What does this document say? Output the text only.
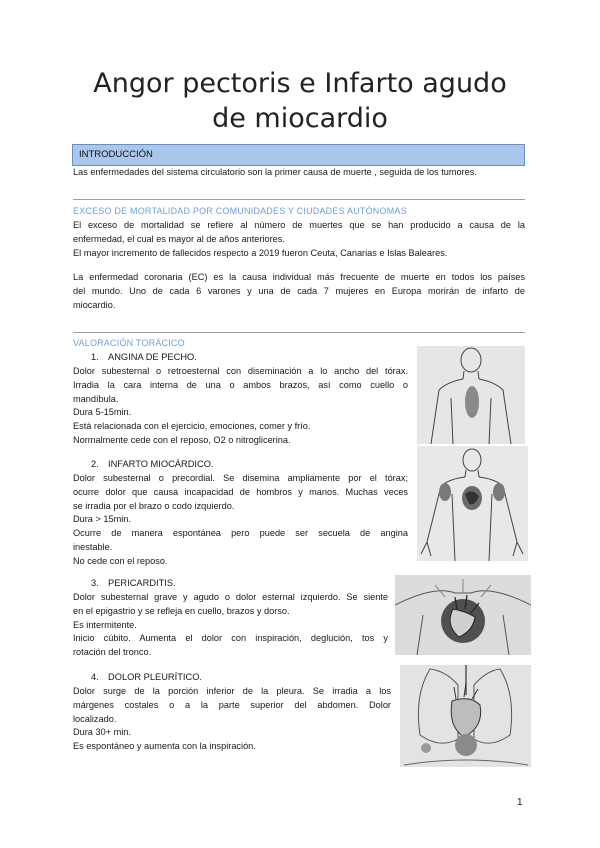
Angor pectoris e Infarto agudo
de miocardio
INTRODUCCIÓN
Las enfermedades del sistema circulatorio son la primer causa de muerte , seguida de los tumores.
EXCESO DE MORTALIDAD POR COMUNIDADES Y CIUDADES AUTÓNOMAS
El exceso de mortalidad se refiere al número de muertes que se han producido a causa de la
enfermedad, el cual es mayor al de años anteriores.
El mayor incremento de fallecidos respecto a 2019 fueron Ceuta, Canarias e Islas Baleares.
La enfermedad coronaria (EC) es la causa individual más frecuente de muerte en todos los países
del mundo. Uno de cada 6 varones y una de cada 7 mujeres en Europa morirán de infarto de
miocardio.
VALORACIÓN TORÁCICO
1. ANGINA DE PECHO.
Dolor subesternal o retroesternal con diseminación a lo ancho del tórax.
Irradia la cara interna de una o ambos brazos, así como cuello o
mandíbula.
Dura 5-15min.
Está relacionada con el ejercicio, emociones, comer y frío.
Normalmente cede con el reposo, O2 o nitroglicerina.
2. INFARTO MIOCÁRDICO.
Dolor subesternal o precordial. Se disemina ampliamente por el tórax;
ocurre dolor que causa incapacidad de hombros y manos. Muchas veces
se irradia por el brazo o codo izquierdo.
Dura > 15min.
Ocurre de manera espontánea pero puede ser secuela de angina
inestable.
No cede con el reposo.
3. PERICARDITIS.
Dolor subesternal grave y agudo o dolor esternal izquierdo. Se siente
en el epigastrio y se refleja en cuello, brazos y dorso.
Es intermitente.
Inicio cúbito. Aumenta el dolor con inspiración, deglución, tos y
rotación del tronco.
4. DOLOR PLEURÍTICO.
Dolor surge de la porción inferior de la pleura. Se irradia a los
márgenes costales o a la parte superior del abdomen. Dolor
localizado.
Dura 30+ min.
Es espontáneo y aumenta con la inspiración.
1
